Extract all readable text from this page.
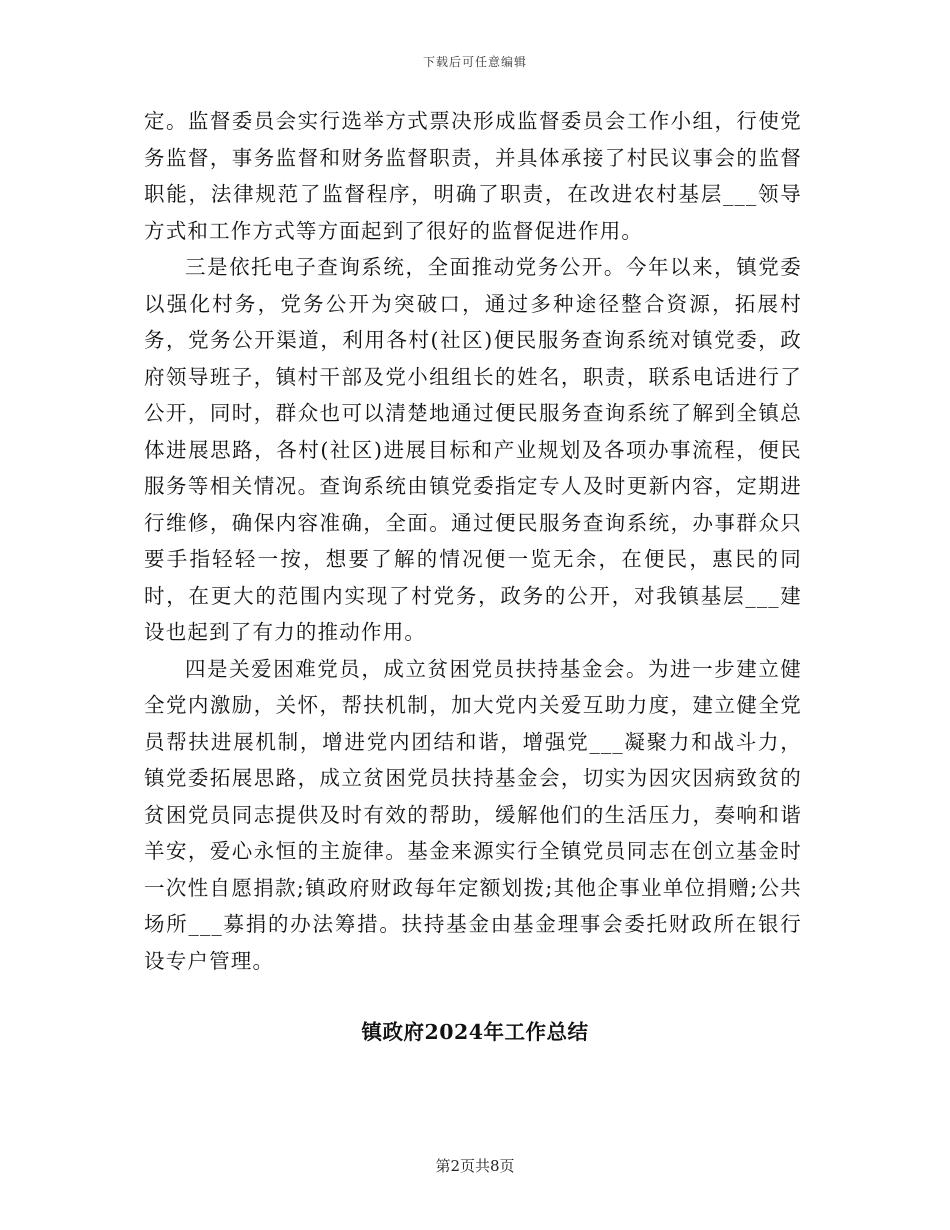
下载后可任意编辑

定。监督委员会实行选举方式票决形成监督委员会工作小组，行使党务监督，事务监督和财务监督职责，并具体承接了村民议事会的监督职能，法律规范了监督程序，明确了职责，在改进农村基层___领导方式和工作方式等方面起到了很好的监督促进作用。

三是依托电子查询系统，全面推动党务公开。今年以来，镇党委以强化村务，党务公开为突破口，通过多种途径整合资源，拓展村务，党务公开渠道，利用各村(社区)便民服务查询系统对镇党委，政府领导班子，镇村干部及党小组组长的姓名，职责，联系电话进行了公开，同时，群众也可以清楚地通过便民服务查询系统了解到全镇总体进展思路，各村(社区)进展目标和产业规划及各项办事流程，便民服务等相关情况。查询系统由镇党委指定专人及时更新内容，定期进行维修，确保内容准确，全面。通过便民服务查询系统，办事群众只要手指轻轻一按，想要了解的情况便一览无余，在便民，惠民的同时，在更大的范围内实现了村党务，政务的公开，对我镇基层___建设也起到了有力的推动作用。

四是关爱困难党员，成立贫困党员扶持基金会。为进一步建立健全党内激励，关怀，帮扶机制，加大党内关爱互助力度，建立健全党员帮扶进展机制，增进党内团结和谐，增强党___凝聚力和战斗力，镇党委拓展思路，成立贫困党员扶持基金会，切实为因灾因病致贫的贫困党员同志提供及时有效的帮助，缓解他们的生活压力，奏响和谐羊安，爱心永恒的主旋律。基金来源实行全镇党员同志在创立基金时一次性自愿捐款;镇政府财政每年定额划拨;其他企事业单位捐赠;公共场所___募捐的办法筹措。扶持基金由基金理事会委托财政所在银行设专户管理。

镇政府2024年工作总结
第2页共8页
